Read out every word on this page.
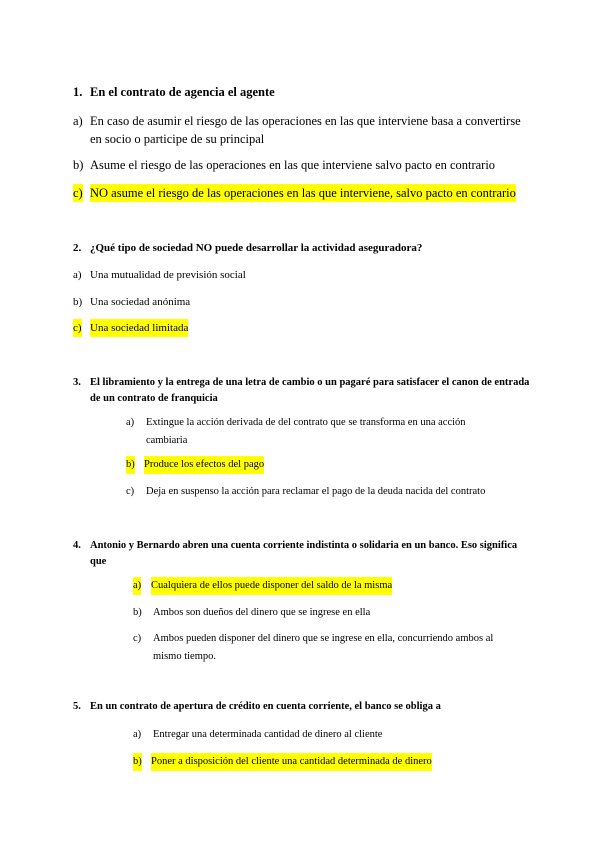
1. En el contrato de agencia el agente
a) En caso de asumir el riesgo de las operaciones en las que interviene basa a convertirse en socio o participe de su principal
b) Asume el riesgo de las operaciones en las que interviene salvo pacto en contrario
c) NO asume el riesgo de las operaciones en las que interviene, salvo pacto en contrario
2. ¿Qué tipo de sociedad NO puede desarrollar la actividad aseguradora?
a) Una mutualidad de previsión social
b) Una sociedad anónima
c) Una sociedad limitada
3. El libramiento y la entrega de una letra de cambio o un pagaré para satisfacer el canon de entrada de un contrato de franquicia
a) Extingue la acción derivada de del contrato que se transforma en una acción cambiaria
b) Produce los efectos del pago
c) Deja en suspenso la acción para reclamar el pago de la deuda nacida del contrato
4. Antonio y Bernardo abren una cuenta corriente indistinta o solidaria en un banco. Eso significa que
a) Cualquiera de ellos puede disponer del saldo de la misma
b) Ambos son dueños del dinero que se ingrese en ella
c) Ambos pueden disponer del dinero que se ingrese en ella, concurriendo ambos al mismo tiempo.
5. En un contrato de apertura de crédito en cuenta corriente, el banco se obliga a
a) Entregar una determinada cantidad de dinero al cliente
b) Poner a disposición del cliente una cantidad determinada de dinero
